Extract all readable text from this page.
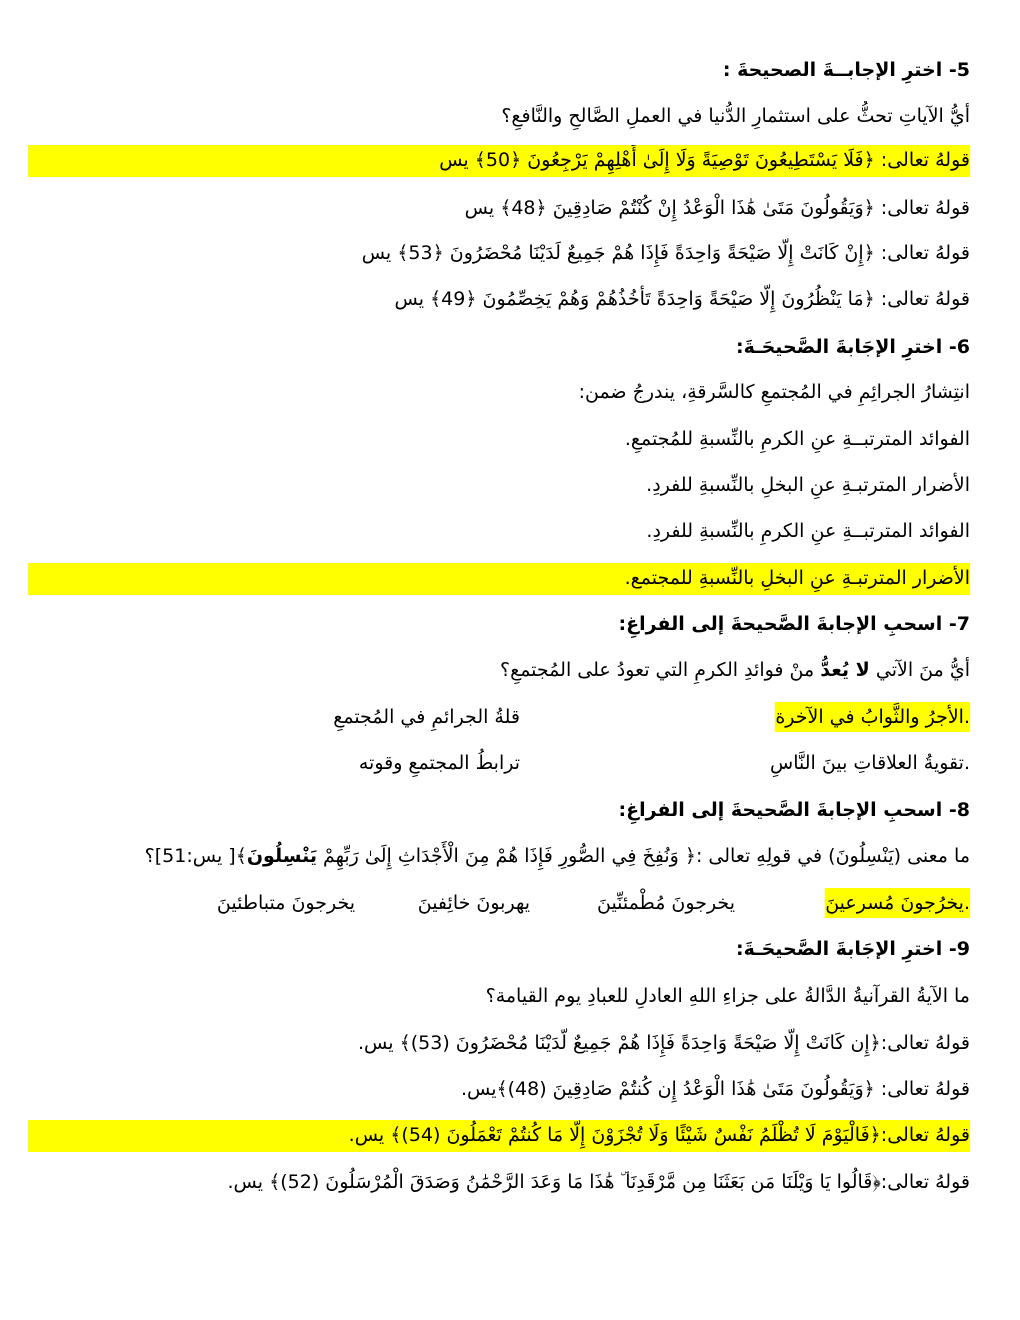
5- اخترِ الإجابــةَ الصحيحةَ :
أيُّ الآياتِ تحثُّ على استثمارِ الدُّنيا في العملِ الصَّالحِ والنَّافعِ؟
قولهُ تعالى: ﴿فَلَا يَسْتَطِيعُونَ تَوْصِيَةً وَلَا إِلَىٰ أَهْلِهِمْ يَرْجِعُونَ ﴿50﴾ يس
قولهُ تعالى: ﴿وَيَقُولُونَ مَتَىٰ هَٰذَا الْوَعْدُ إِنْ كُنْتُمْ صَادِقِينَ ﴿48﴾ يس
قولهُ تعالى: ﴿إِنْ كَانَتْ إِلَّا صَيْحَةً وَاحِدَةً فَإِذَا هُمْ جَمِيعٌ لَدَيْنَا مُحْضَرُونَ ﴿53﴾ يس
قولهُ تعالى: ﴿مَا يَنْظُرُونَ إِلَّا صَيْحَةً وَاحِدَةً تَأْخُذُهُمْ وَهُمْ يَخِصِّمُونَ ﴿49﴾ يس
6- اخترِ الإجَابةَ الصَّحيحَـةَ:
انتِشارُ الجرائِمِ في المُجتمعِ كالسَّرقةِ، يندرجُ ضمن:
الفوائد المترتبــةِ عنِ الكرمِ بالنِّسبةِ للمُجتمعِ.
الأضرار المترتبـةِ عنِ البخلِ بالنِّسبةِ للفردِ.
الفوائد المترتبــةِ عنِ الكرمِ بالنِّسبةِ للفردِ.
الأضرار المترتبـةِ عنِ البخلِ بالنِّسبةِ للمجتمع.
7- اسحبِ الإجابةَ الصَّحيحةَ إلى الفراغِ:
أيُّ منَ الآتي لا يُعدُّ منْ فوائدِ الكرمِ التي تعودُ على المُجتمعِ؟
.الأجرُ والثَّوابُ في الآخرة
قلةُ الجرائمِ في المُجتمعِ
.تقويةُ العلاقاتِ بينَ النَّاسِ
ترابطُ المجتمعِ وقوته
8- اسحبِ الإجابةَ الصَّحيحةَ إلى الفراغِ:
ما معنى (يَنْسِلُونَ) في قولِهِ تعالى :﴿ وَنُفِخَ فِي الصُّورِ فَإِذَا هُمْ مِنَ الْأَجْدَاثِ إِلَىٰ رَبِّهِمْ يَنْسِلُونَ﴾[ يس:51]؟
.يخرُجونَ مُسرعينَ
يخرجونَ مُطْمئنِّينَ
يهربونَ خائِفينَ
يخرجونَ متباطئينَ
9- اخترِ الإجَابةَ الصَّحيحَـةَ:
ما الآيةُ القرآنيةُ الدَّالةُ على جزاءِ اللهِ العادلِ للعبادِ يوم القيامة؟
قولهُ تعالى:﴿إِن كَانَتْ إِلَّا صَيْحَةً وَاحِدَةً فَإِذَا هُمْ جَمِيعٌ لَّدَيْنَا مُحْضَرُونَ (53)﴾ يس.
قولهُ تعالى: ﴿وَيَقُولُونَ مَتَىٰ هَٰذَا الْوَعْدُ إِن كُنتُمْ صَادِقِينَ (48)﴾يس.
قولهُ تعالى:﴿فَالْيَوْمَ لَا تُظْلَمُ نَفْسٌ شَيْئًا وَلَا تُجْزَوْنَ إِلَّا مَا كُنتُمْ تَعْمَلُونَ (54)﴾ يس.
قولهُ تعالى:﴿قَالُوا يَا وَيْلَنَا مَن بَعَثَنَا مِن مَّرْقَدِنَا ۜ هَٰذَا مَا وَعَدَ الرَّحْمَٰنُ وَصَدَقَ الْمُرْسَلُونَ (52)﴾ يس.
